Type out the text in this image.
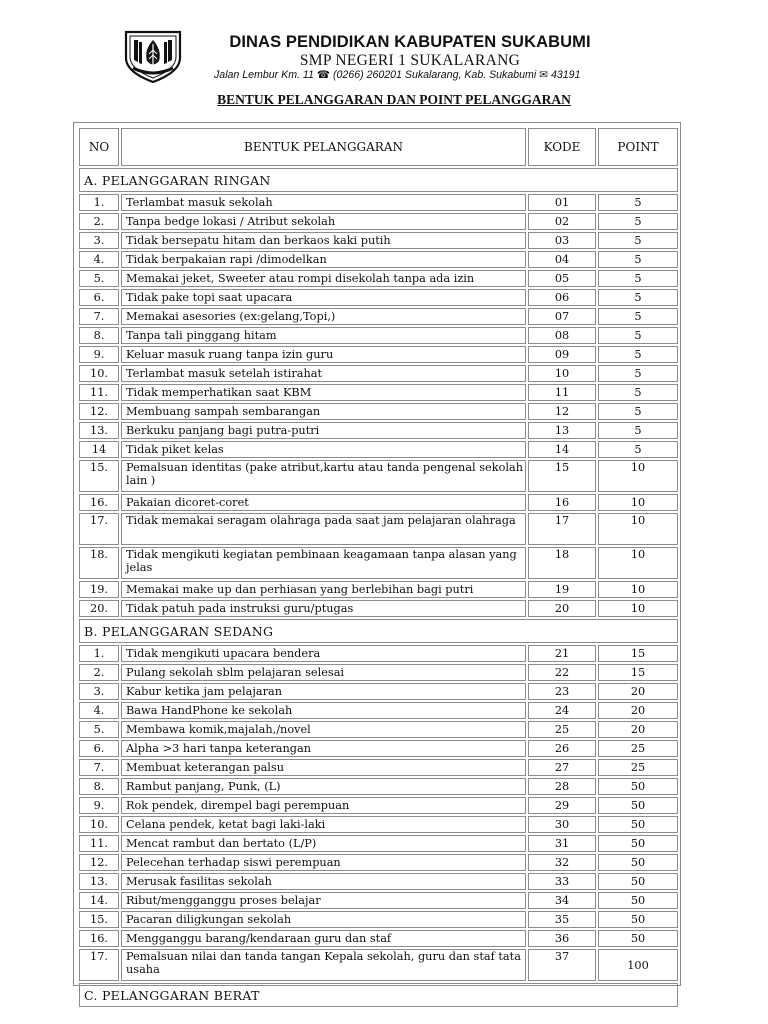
DINAS PENDIDIKAN KABUPATEN SUKABUMI
SMP NEGERI 1 SUKALARANG
Jalan Lembur Km. 11 ☎ (0266) 260201 Sukalarang, Kab. Sukabumi ✉ 43191
BENTUK PELANGGARAN DAN POINT PELANGGARAN
NO	BENTUK PELANGGARAN	KODE	POINT
A. PELANGGARAN RINGAN			
1.	Terlambat masuk sekolah	01	5
2.	Tanpa bedge lokasi / Atribut sekolah	02	5
3.	Tidak bersepatu hitam dan berkaos kaki putih	03	5
4.	Tidak berpakaian rapi /dimodelkan	04	5
5.	Memakai jeket, Sweeter atau rompi disekolah tanpa ada izin	05	5
6.	Tidak pake topi saat upacara	06	5
7.	Memakai asesories (ex:gelang,Topi,)	07	5
8.	Tanpa tali pinggang hitam	08	5
9.	Keluar masuk ruang tanpa izin guru	09	5
10.	Terlambat masuk setelah istirahat	10	5
11.	Tidak memperhatikan saat KBM	11	5
12.	Membuang sampah sembarangan	12	5
13.	Berkuku panjang bagi putra-putri	13	5
14	Tidak piket kelas	14	5
15.	Pemalsuan identitas (pake atribut,kartu atau tanda pengenal sekolah lain )	15	10
16.	Pakaian dicoret-coret	16	10
17.	Tidak memakai seragam olahraga pada saat jam pelajaran olahraga	17	10
18.	Tidak mengikuti kegiatan pembinaan keagamaan tanpa alasan yang jelas	18	10
19.	Memakai make up dan perhiasan yang berlebihan bagi putri	19	10
20.	Tidak patuh pada instruksi guru/ptugas	20	10
B. PELANGGARAN SEDANG			
1.	Tidak mengikuti upacara bendera	21	15
2.	Pulang sekolah sblm pelajaran selesai	22	15
3.	Kabur ketika jam pelajaran	23	20
4.	Bawa HandPhone ke sekolah	24	20
5.	Membawa komik,majalah,/novel	25	20
6.	Alpha >3 hari tanpa keterangan	26	25
7.	Membuat keterangan palsu	27	25
8.	Rambut panjang, Punk, (L)	28	50
9.	Rok pendek, dirempel bagi perempuan	29	50
10.	Celana pendek, ketat bagi laki-laki	30	50
11.	Mencat rambut dan bertato (L/P)	31	50
12.	Pelecehan terhadap siswi perempuan	32	50
13.	Merusak fasilitas sekolah	33	50
14.	Ribut/mengganggu proses belajar	34	50
15.	Pacaran diligkungan sekolah	35	50
16.	Mengganggu barang/kendaraan guru dan staf	36	50
17.	Pemalsuan nilai dan tanda tangan Kepala sekolah, guru dan staf tata usaha	37	100
C. PELANGGARAN BERAT			
